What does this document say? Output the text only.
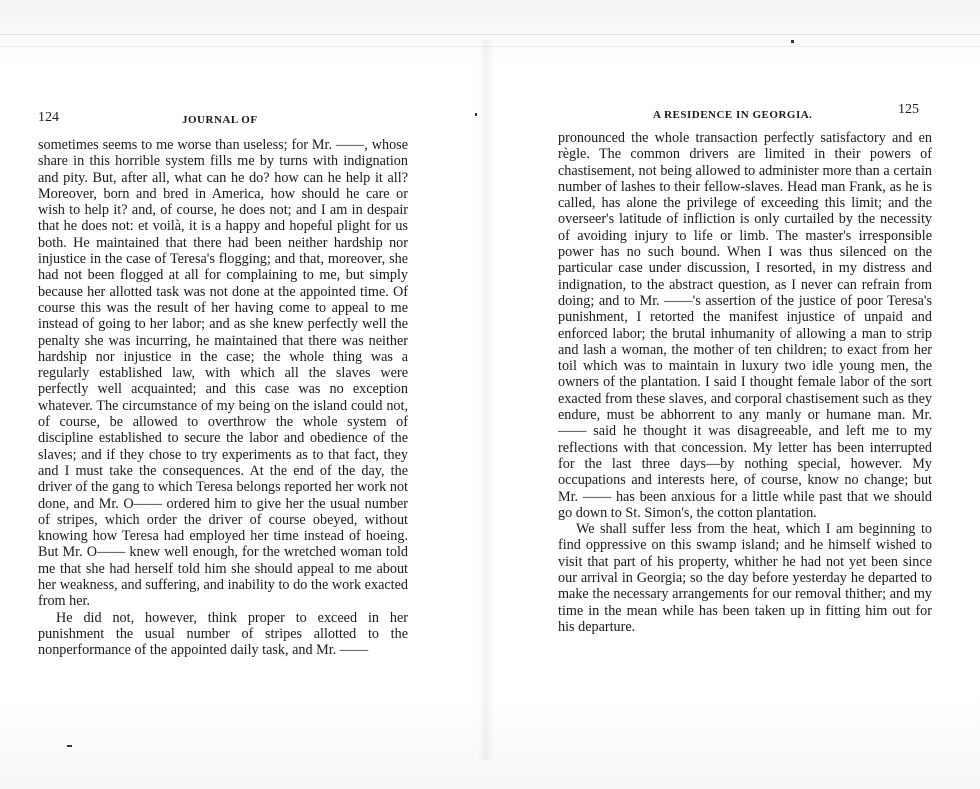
124	JOURNAL OF

sometimes seems to me worse than useless; for Mr. ——, whose share in this horrible system fills me by turns with indignation and pity. But, after all, what can he do? how can he help it all? Moreover, born and bred in America, how should he care or wish to help it? and, of course, he does not; and I am in despair that he does not: et voilà, it is a happy and hopeful plight for us both. He maintained that there had been neither hardship nor injustice in the case of Teresa's flogging; and that, moreover, she had not been flogged at all for complaining to me, but simply because her allotted task was not done at the appointed time. Of course this was the result of her having come to appeal to me instead of going to her labor; and as she knew perfectly well the penalty she was incurring, he maintained that there was neither hardship nor injustice in the case; the whole thing was a regularly established law, with which all the slaves were perfectly well acquainted; and this case was no exception whatever. The circumstance of my being on the island could not, of course, be allowed to overthrow the whole system of discipline established to secure the labor and obedience of the slaves; and if they chose to try experiments as to that fact, they and I must take the consequences. At the end of the day, the driver of the gang to which Teresa belongs reported her work not done, and Mr. O—— ordered him to give her the usual number of stripes, which order the driver of course obeyed, without knowing how Teresa had employed her time instead of hoeing. But Mr. O—— knew well enough, for the wretched woman told me that she had herself told him she should appeal to me about her weakness, and suffering, and inability to do the work exacted from her.

He did not, however, think proper to exceed in her punishment the usual number of stripes allotted to the nonperformance of the appointed daily task, and Mr. ——

A RESIDENCE IN GEORGIA.	125

pronounced the whole transaction perfectly satisfactory and en règle. The common drivers are limited in their powers of chastisement, not being allowed to administer more than a certain number of lashes to their fellow-slaves. Head man Frank, as he is called, has alone the privilege of exceeding this limit; and the overseer's latitude of infliction is only curtailed by the necessity of avoiding injury to life or limb. The master's irresponsible power has no such bound. When I was thus silenced on the particular case under discussion, I resorted, in my distress and indignation, to the abstract question, as I never can refrain from doing; and to Mr. ——'s assertion of the justice of poor Teresa's punishment, I retorted the manifest injustice of unpaid and enforced labor; the brutal inhumanity of allowing a man to strip and lash a woman, the mother of ten children; to exact from her toil which was to maintain in luxury two idle young men, the owners of the plantation. I said I thought female labor of the sort exacted from these slaves, and corporal chastisement such as they endure, must be abhorrent to any manly or humane man. Mr. —— said he thought it was disagreeable, and left me to my reflections with that concession. My letter has been interrupted for the last three days—by nothing special, however. My occupations and interests here, of course, know no change; but Mr. —— has been anxious for a little while past that we should go down to St. Simon's, the cotton plantation.

We shall suffer less from the heat, which I am beginning to find oppressive on this swamp island; and he himself wished to visit that part of his property, whither he had not yet been since our arrival in Georgia; so the day before yesterday he departed to make the necessary arrangements for our removal thither; and my time in the mean while has been taken up in fitting him out for his departure.
